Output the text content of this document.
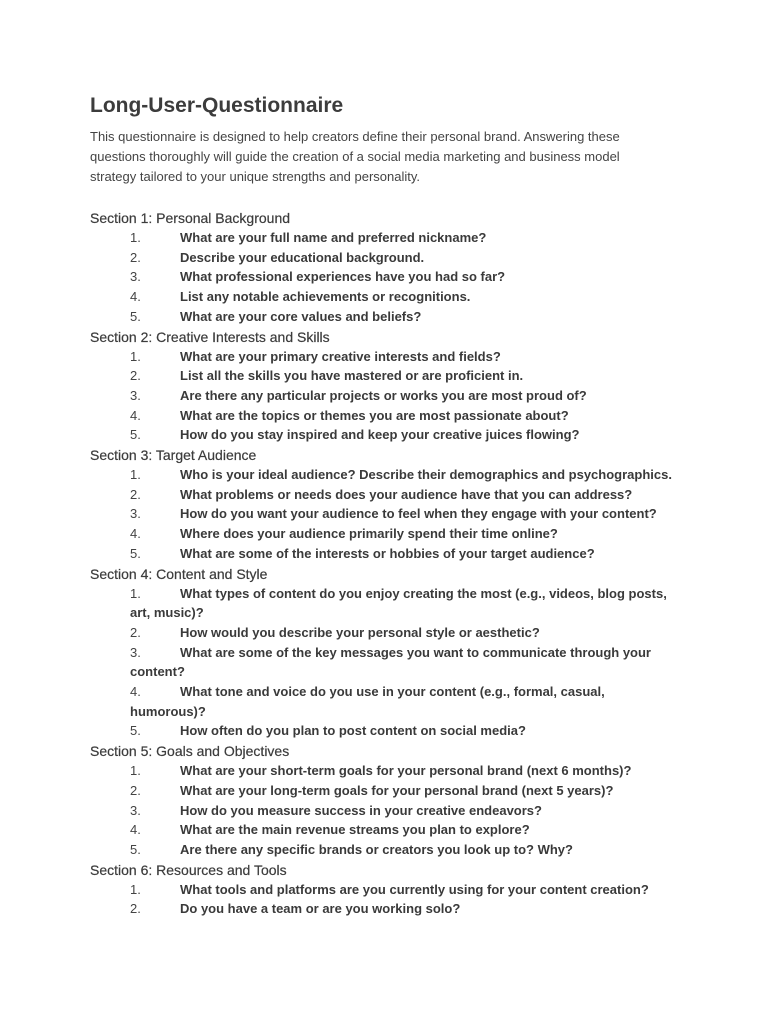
Long-User-Questionnaire

This questionnaire is designed to help creators define their personal brand. Answering these questions thoroughly will guide the creation of a social media marketing and business model strategy tailored to your unique strengths and personality.

Section 1: Personal Background
1.	What are your full name and preferred nickname?
2.	Describe your educational background.
3.	What professional experiences have you had so far?
4.	List any notable achievements or recognitions.
5.	What are your core values and beliefs?
Section 2: Creative Interests and Skills
1.	What are your primary creative interests and fields?
2.	List all the skills you have mastered or are proficient in.
3.	Are there any particular projects or works you are most proud of?
4.	What are the topics or themes you are most passionate about?
5.	How do you stay inspired and keep your creative juices flowing?
Section 3: Target Audience
1.	Who is your ideal audience? Describe their demographics and psychographics.
2.	What problems or needs does your audience have that you can address?
3.	How do you want your audience to feel when they engage with your content?
4.	Where does your audience primarily spend their time online?
5.	What are some of the interests or hobbies of your target audience?
Section 4: Content and Style
1.	What types of content do you enjoy creating the most (e.g., videos, blog posts, art, music)?
2.	How would you describe your personal style or aesthetic?
3.	What are some of the key messages you want to communicate through your content?
4.	What tone and voice do you use in your content (e.g., formal, casual, humorous)?
5.	How often do you plan to post content on social media?
Section 5: Goals and Objectives
1.	What are your short-term goals for your personal brand (next 6 months)?
2.	What are your long-term goals for your personal brand (next 5 years)?
3.	How do you measure success in your creative endeavors?
4.	What are the main revenue streams you plan to explore?
5.	Are there any specific brands or creators you look up to? Why?
Section 6: Resources and Tools
1.	What tools and platforms are you currently using for your content creation?
2.	Do you have a team or are you working solo?
